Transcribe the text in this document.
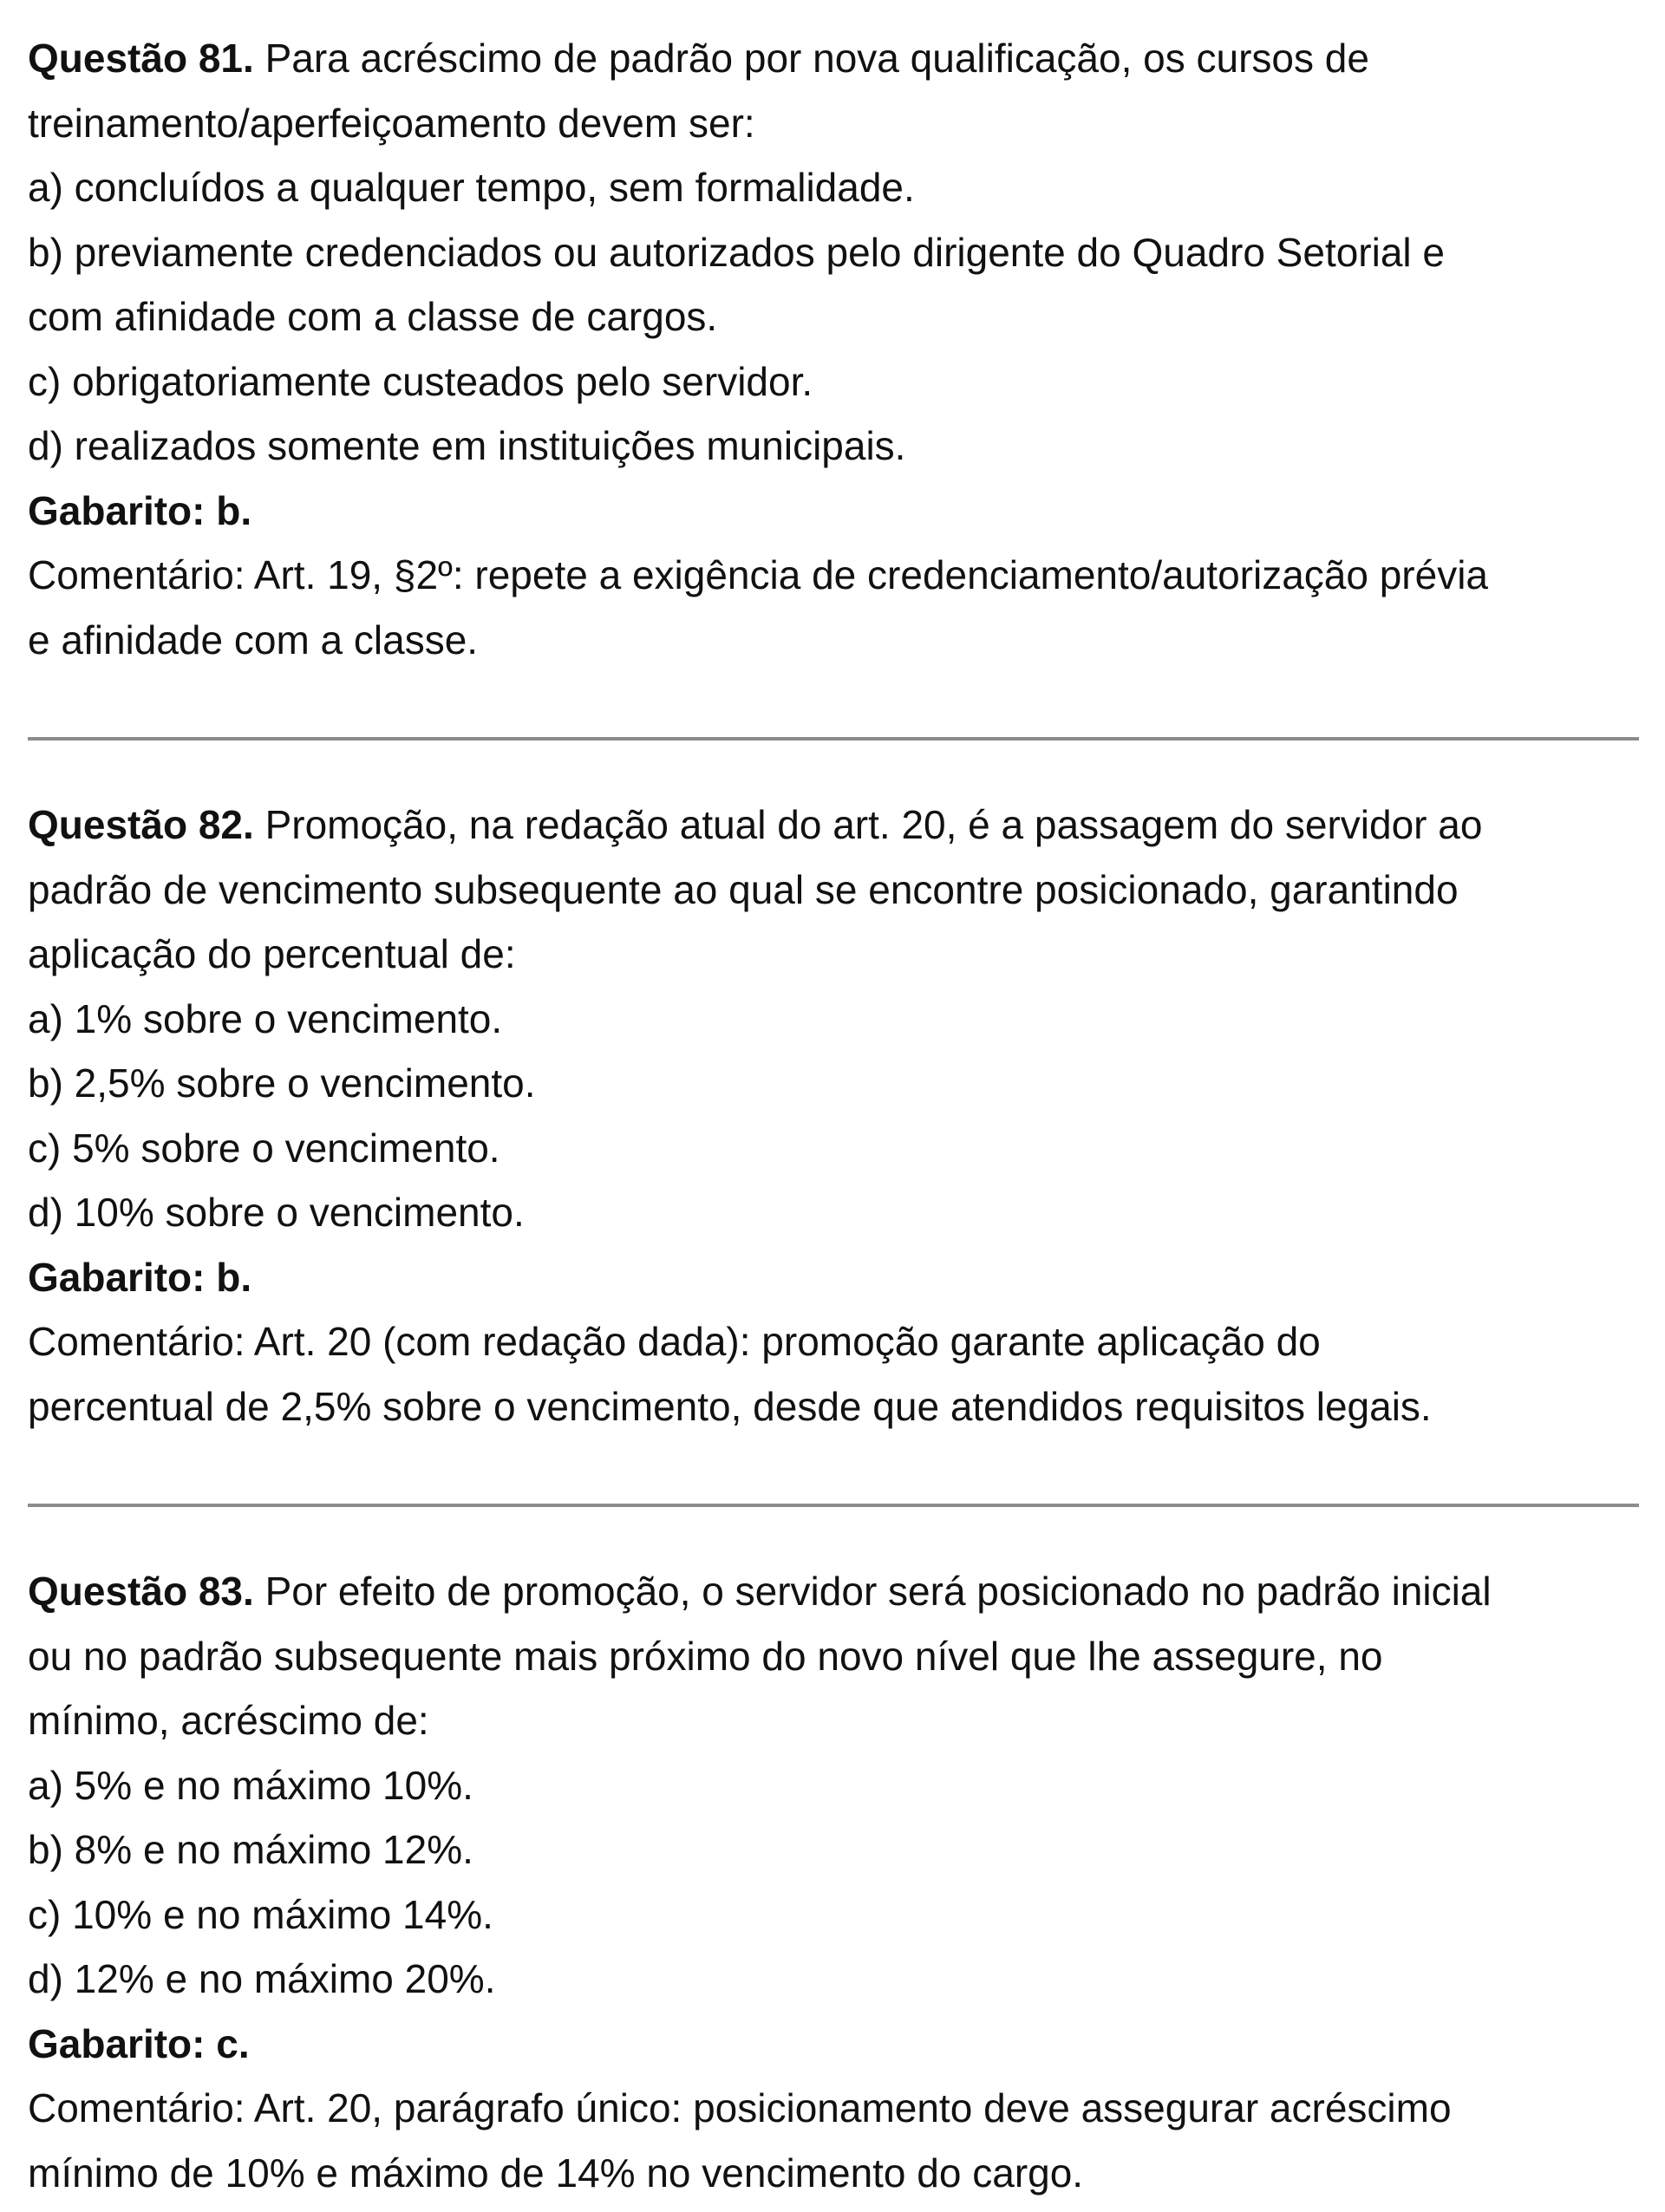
Questão 81. Para acréscimo de padrão por nova qualificação, os cursos de

treinamento/aperfeiçoamento devem ser:

a) concluídos a qualquer tempo, sem formalidade.

b) previamente credenciados ou autorizados pelo dirigente do Quadro Setorial e

com afinidade com a classe de cargos.

c) obrigatoriamente custeados pelo servidor.

d) realizados somente em instituições municipais.

Gabarito: b.

Comentário: Art. 19, §2º: repete a exigência de credenciamento/autorização prévia

e afinidade com a classe.

Questão 82. Promoção, na redação atual do art. 20, é a passagem do servidor ao

padrão de vencimento subsequente ao qual se encontre posicionado, garantindo

aplicação do percentual de:

a) 1% sobre o vencimento.

b) 2,5% sobre o vencimento.

c) 5% sobre o vencimento.

d) 10% sobre o vencimento.

Gabarito: b.

Comentário: Art. 20 (com redação dada): promoção garante aplicação do

percentual de 2,5% sobre o vencimento, desde que atendidos requisitos legais.

Questão 83. Por efeito de promoção, o servidor será posicionado no padrão inicial

ou no padrão subsequente mais próximo do novo nível que lhe assegure, no

mínimo, acréscimo de:

a) 5% e no máximo 10%.

b) 8% e no máximo 12%.

c) 10% e no máximo 14%.

d) 12% e no máximo 20%.

Gabarito: c.

Comentário: Art. 20, parágrafo único: posicionamento deve assegurar acréscimo

mínimo de 10% e máximo de 14% no vencimento do cargo.
